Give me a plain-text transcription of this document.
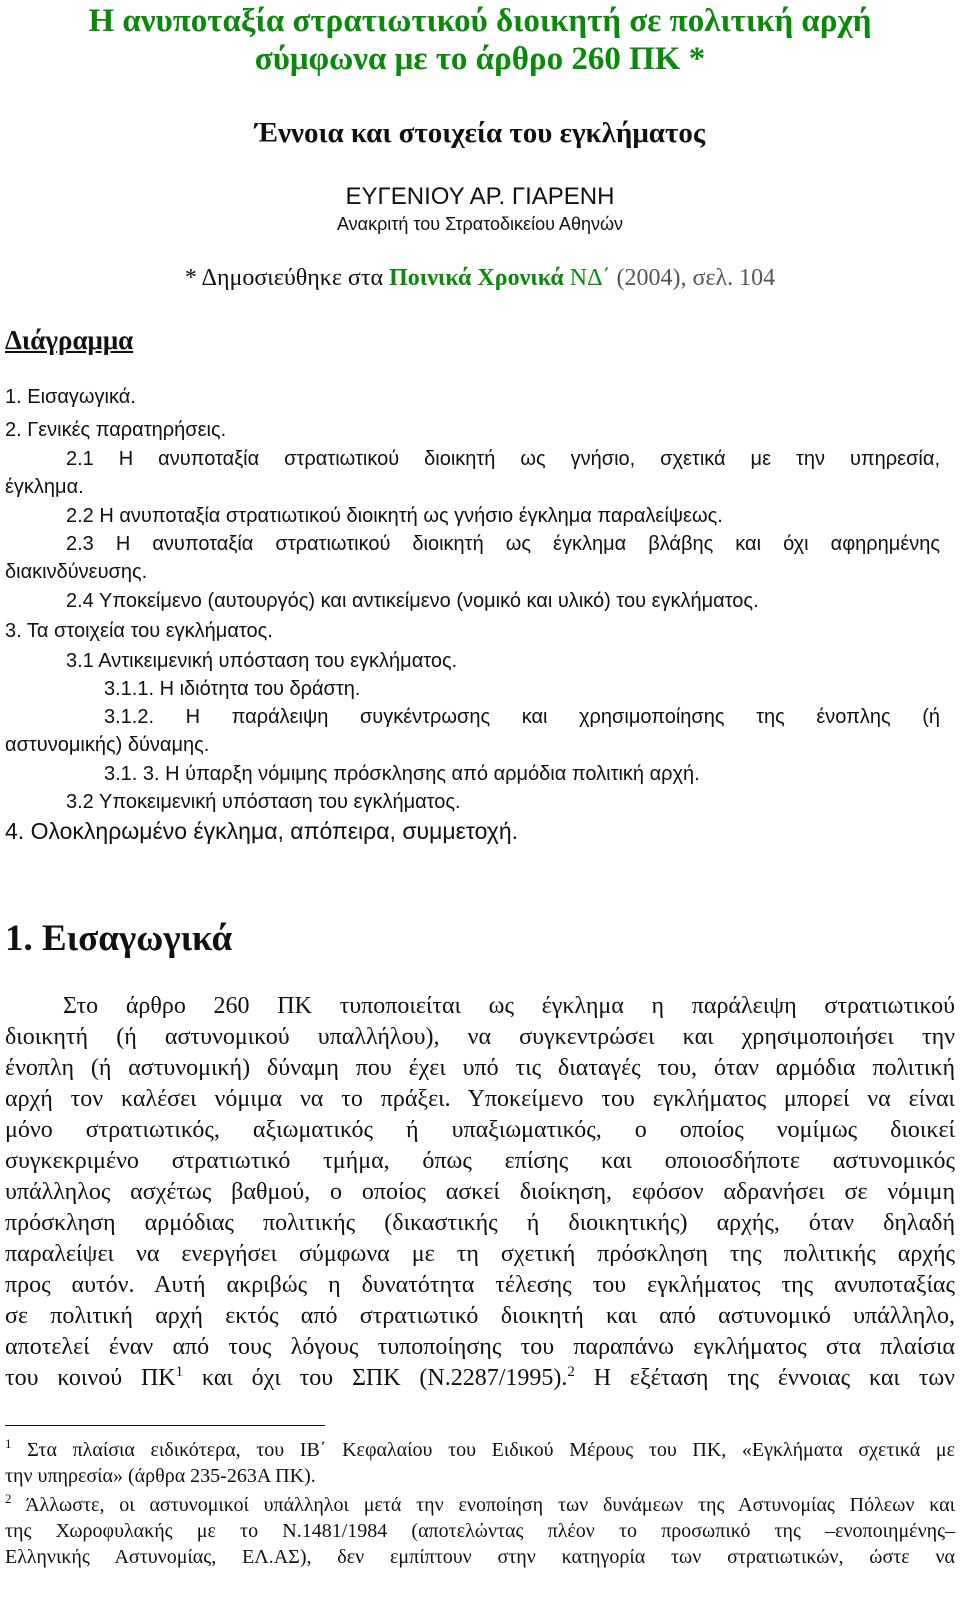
Η ανυποταξία στρατιωτικού διοικητή σε πολιτική αρχή
σύμφωνα με το άρθρο 260 ΠΚ *
Έννοια και στοιχεία του εγκλήματος
ΕΥΓΕΝΙΟΥ ΑΡ. ΓΙΑΡΕΝΗ
Ανακριτή του Στρατοδικείου Αθηνών
* Δημοσιεύθηκε στα Ποινικά Χρονικά ΝΔ΄ (2004), σελ. 104
Διάγραμμα
1. Εισαγωγικά.
2. Γενικές παρατηρήσεις.
2.1 Η ανυποταξία στρατιωτικού διοικητή ως γνήσιο, σχετικά με την υπηρεσία,
έγκλημα.
2.2 Η ανυποταξία στρατιωτικού διοικητή ως γνήσιο έγκλημα παραλείψεως.
2.3 Η ανυποταξία στρατιωτικού διοικητή ως έγκλημα βλάβης και όχι αφηρημένης
διακινδύνευσης.
2.4 Υποκείμενο (αυτουργός) και αντικείμενο (νομικό και υλικό) του εγκλήματος.
3. Τα στοιχεία του εγκλήματος.
3.1 Αντικειμενική υπόσταση του εγκλήματος.
3.1.1. Η ιδιότητα του δράστη.
3.1.2. Η παράλειψη συγκέντρωσης και χρησιμοποίησης της ένοπλης (ή
αστυνομικής) δύναμης.
3.1. 3. Η ύπαρξη νόμιμης πρόσκλησης από αρμόδια πολιτική αρχή.
3.2 Υποκειμενική υπόσταση του εγκλήματος.
4. Ολοκληρωμένο έγκλημα, απόπειρα, συμμετοχή.
1. Εισαγωγικά
Στο άρθρο 260 ΠΚ τυποποιείται ως έγκλημα η παράλειψη στρατιωτικού
διοικητή (ή αστυνομικού υπαλλήλου), να συγκεντρώσει και χρησιμοποιήσει την
ένοπλη (ή αστυνομική) δύναμη που έχει υπό τις διαταγές του, όταν αρμόδια πολιτική
αρχή τον καλέσει νόμιμα να το πράξει. Υποκείμενο του εγκλήματος μπορεί να είναι
μόνο στρατιωτικός, αξιωματικός ή υπαξιωματικός, ο οποίος νομίμως διοικεί
συγκεκριμένο στρατιωτικό τμήμα, όπως επίσης και οποιοσδήποτε αστυνομικός
υπάλληλος ασχέτως βαθμού, ο οποίος ασκεί διοίκηση, εφόσον αδρανήσει σε νόμιμη
πρόσκληση αρμόδιας πολιτικής (δικαστικής ή διοικητικής) αρχής, όταν δηλαδή
παραλείψει να ενεργήσει σύμφωνα με τη σχετική πρόσκληση της πολιτικής αρχής
προς αυτόν. Αυτή ακριβώς η δυνατότητα τέλεσης του εγκλήματος της ανυποταξίας
σε πολιτική αρχή εκτός από στρατιωτικό διοικητή και από αστυνομικό υπάλληλο,
αποτελεί έναν από τους λόγους τυποποίησης του παραπάνω εγκλήματος στα πλαίσια
του κοινού $\Pi K^1$ και όχι του ΣΠΚ (Ν.2287/1995).$^2$ Η εξέταση της έννοιας και των
$^1$ Στα πλαίσια ειδικότερα, του ΙΒ΄ Κεφαλαίου του Ειδικού Μέρους του ΠΚ, «Εγκλήματα σχετικά με
την υπηρεσία» (άρθρα 235-263Α ΠΚ).
$^2$ Άλλωστε, οι αστυνομικοί υπάλληλοι μετά την ενοποίηση των δυνάμεων της Αστυνομίας Πόλεων και
της Χωροφυλακής με το Ν.1481/1984 (αποτελώντας πλέον το προσωπικό της –ενοποιημένης–
Ελληνικής Αστυνομίας, ΕΛ.ΑΣ), δεν εμπίπτουν στην κατηγορία των στρατιωτικών, ώστε να
